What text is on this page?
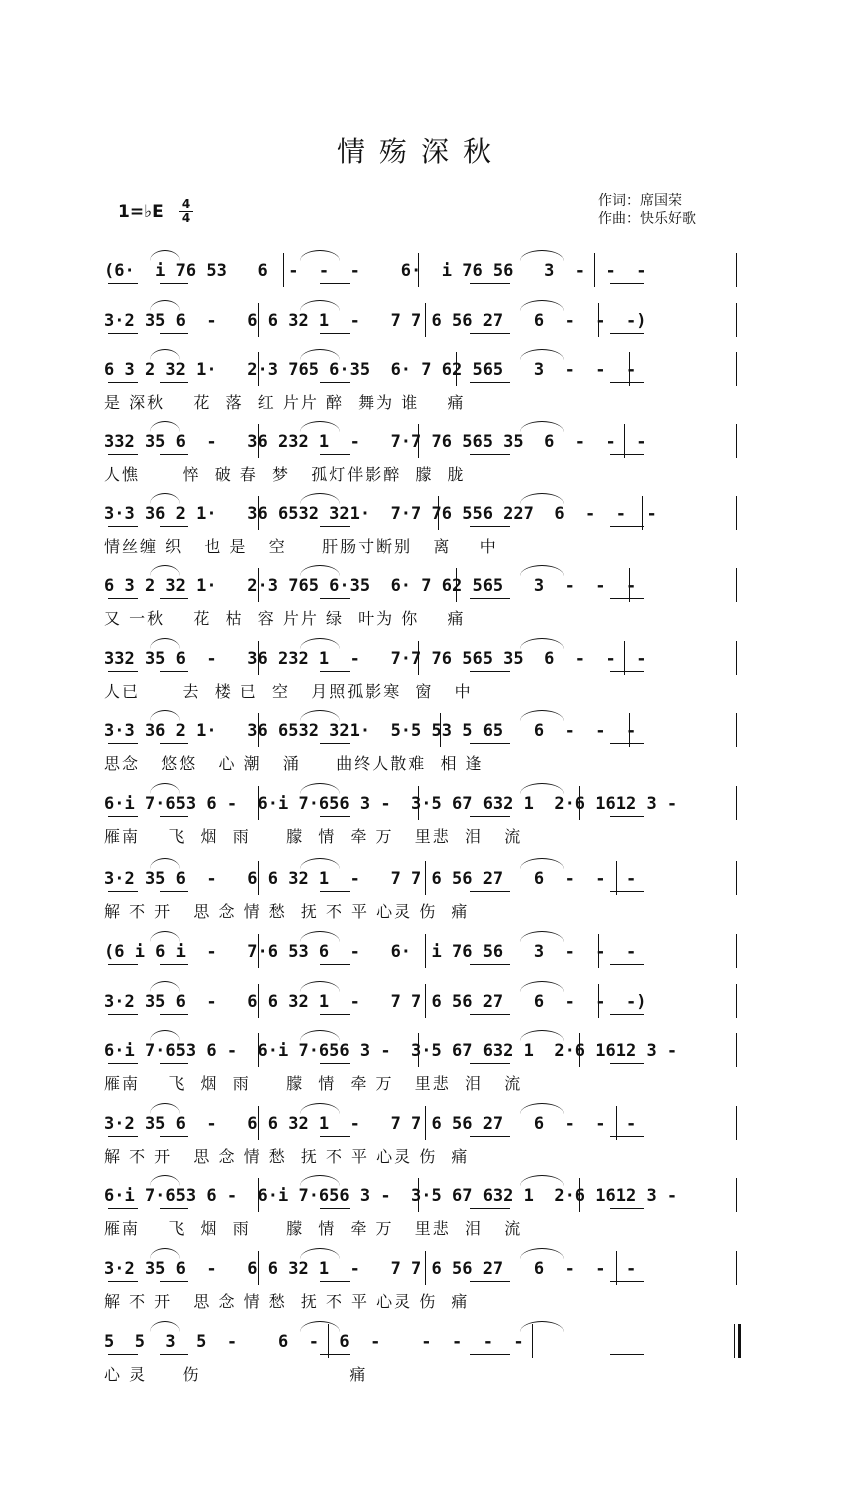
情殇深秋
1=♭E	4
4
作词：席国荣
作曲：快乐好歌
(6·  i 76 53   6  -  -  -    6·  i 76 56   3  -  -  -
3·2 35 6  -   6 6 32 1  -   7 7 6 56 27   6  -  -  -)
6 3 2 32 1·   2·3 765 6·35  6· 7 62 565   3  -  -  -
是 深秋    花  落  红 片片 醉  舞为 谁    痛
332 35 6  -   36 232 1  -   7·7 76 565 35  6  -  -  -
人憔      悴  破 春  梦   孤灯伴影醉  朦  胧
3·3 36 2 1·   36 6532 321·  7·7 76 556 227  6  -  -  -
情丝缠 织   也 是   空     肝肠寸断别   离    中
6 3 2 32 1·   2·3 765 6·35  6· 7 62 565   3  -  -  -
又 一秋    花  枯  容 片片 绿  叶为 你    痛
332 35 6  -   36 232 1  -   7·7 76 565 35  6  -  -  -
人已      去  楼 已  空   月照孤影寒  窗   中
3·3 36 2 1·   36 6532 321·  5·5 53 5 65   6  -  -  -
思念   悠悠   心 潮   涌     曲终人散难  相 逢
6·i 7·653 6 -  6·i 7·656 3 -  3·5 67 632 1  2·6 1612 3 -
雁南    飞  烟  雨     朦  情  牵 万   里悲  泪   流
3·2 35 6  -   6 6 32 1  -   7 7 6 56 27   6  -  -  -
解 不 开   思 念 情 愁  抚 不 平 心灵 伤  痛
(6 i 6 i  -   7·6 53 6  -   6·  i 76 56   3  -  -  -
3·2 35 6  -   6 6 32 1  -   7 7 6 56 27   6  -  -  -)
6·i 7·653 6 -  6·i 7·656 3 -  3·5 67 632 1  2·6 1612 3 -
雁南    飞  烟  雨     朦  情  牵 万   里悲  泪   流
3·2 35 6  -   6 6 32 1  -   7 7 6 56 27   6  -  -  -
解 不 开   思 念 情 愁  抚 不 平 心灵 伤  痛
6·i 7·653 6 -  6·i 7·656 3 -  3·5 67 632 1  2·6 1612 3 -
雁南    飞  烟  雨     朦  情  牵 万   里悲  泪   流
3·2 35 6  -   6 6 32 1  -   7 7 6 56 27   6  -  -  -
解 不 开   思 念 情 愁  抚 不 平 心灵 伤  痛
5  5  3  5  -    6  -  6  -    -  -  -  -
心 灵     伤                     痛
